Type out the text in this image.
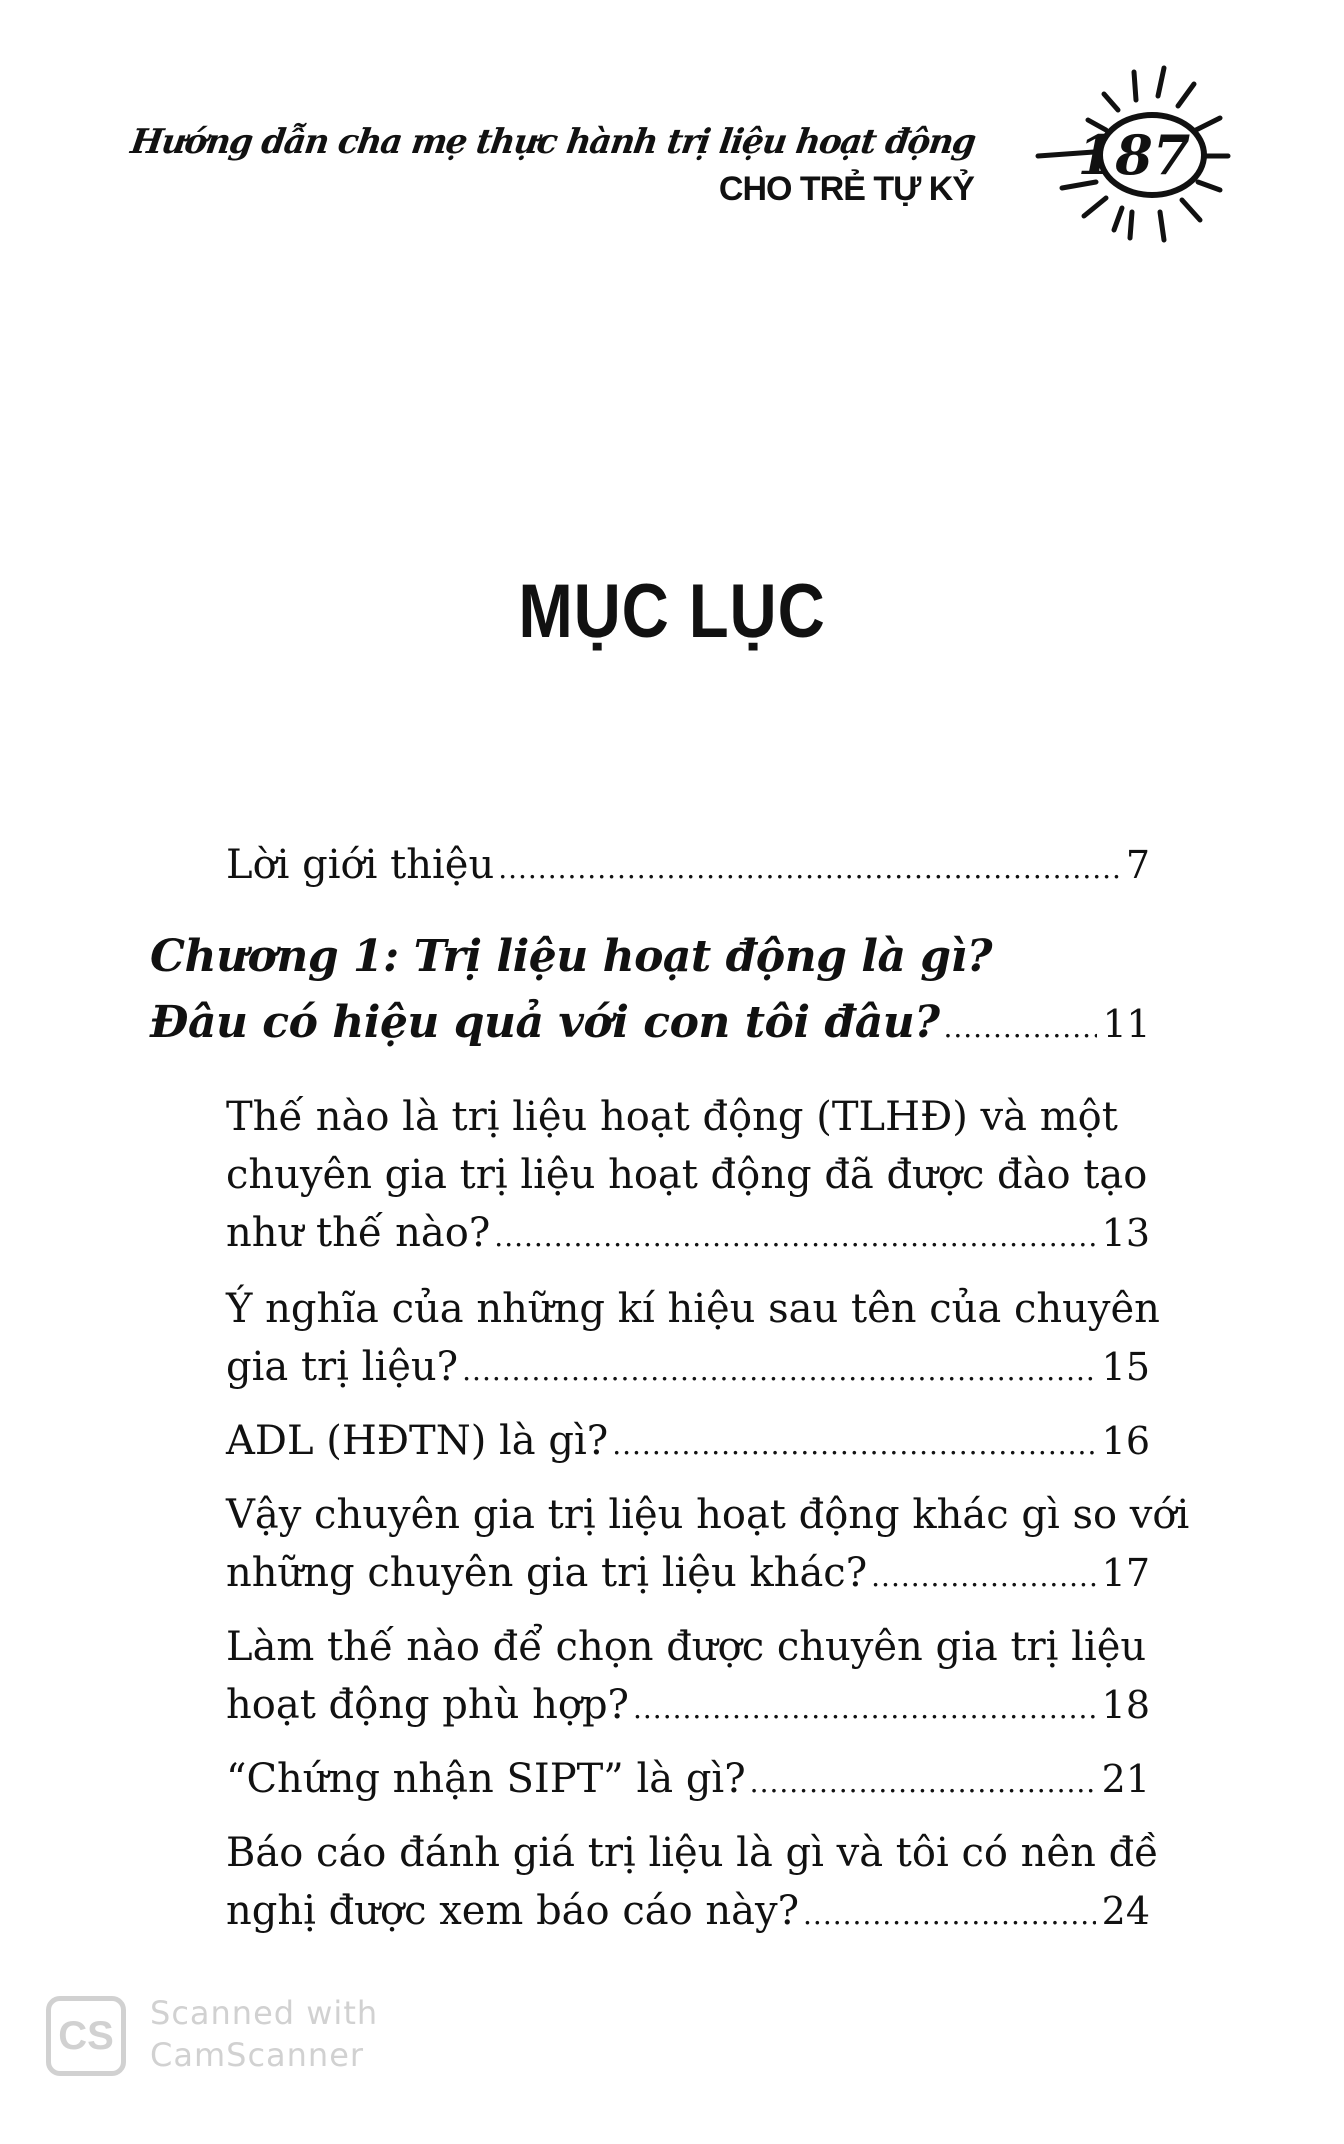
Hướng dẫn cha mẹ thực hành trị liệu hoạt động
CHO TRẺ TỰ KỶ
187
MỤC LỤC
Lời giới thiệu .....	7
Chương 1: Trị liệu hoạt động là gì?
Đâu có hiệu quả với con tôi đâu? .....	11
Thế nào là trị liệu hoạt động (TLHĐ) và một
chuyên gia trị liệu hoạt động đã được đào tạo
như thế nào? .....	13
Ý nghĩa của những kí hiệu sau tên của chuyên
gia trị liệu? .....	15
ADL (HĐTN) là gì? .....	16
Vậy chuyên gia trị liệu hoạt động khác gì so với
những chuyên gia trị liệu khác? .....	17
Làm thế nào để chọn được chuyên gia trị liệu
hoạt động phù hợp? .....	18
“Chứng nhận SIPT” là gì? .....	21
Báo cáo đánh giá trị liệu là gì và tôi có nên đề
nghị được xem báo cáo này? .....	24
CS
Scanned with
CamScanner
